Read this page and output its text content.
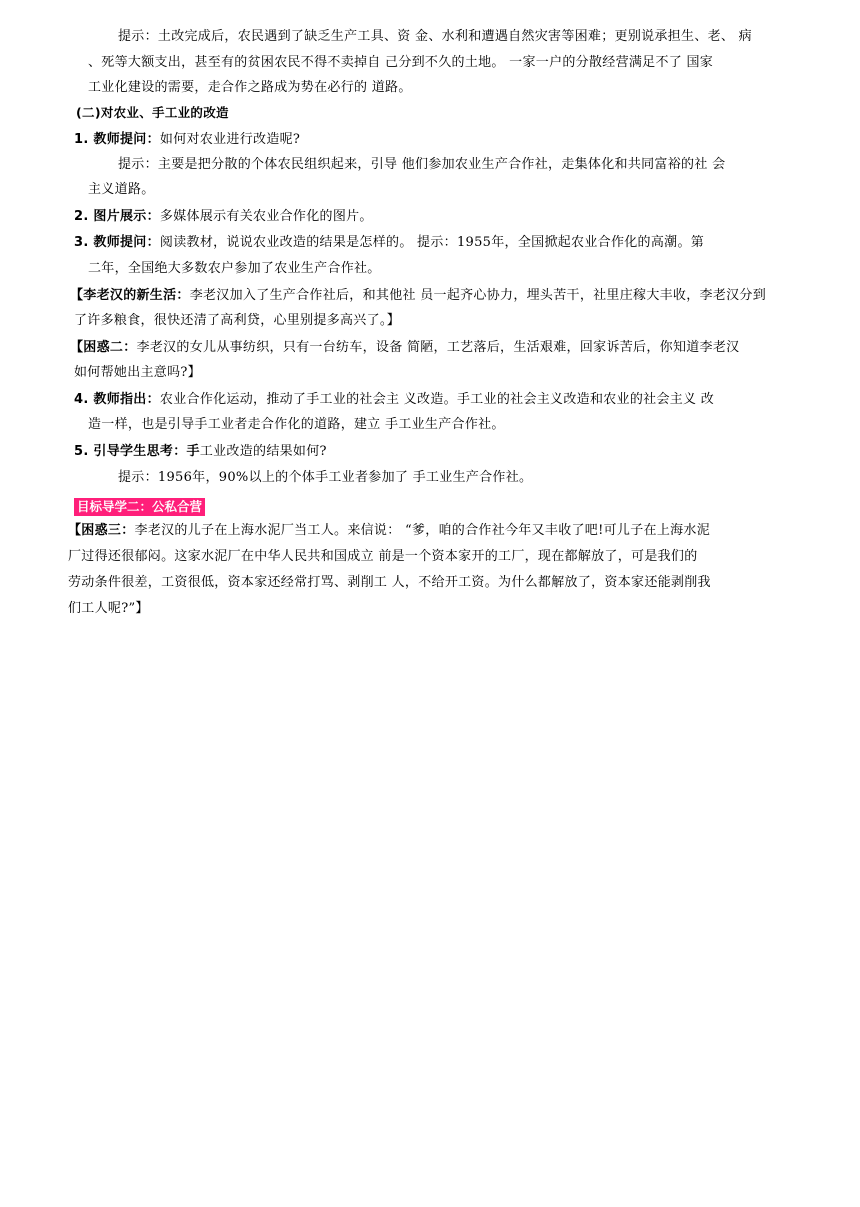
提示：土改完成后，农民遇到了缺乏生产工具、资 金、水利和遭遇自然灾害等困难；更别说承担生、老、 病
、死等大额支出，甚至有的贫困农民不得不卖掉自 己分到不久的土地。 一家一户的分散经营满足不了 国家
工业化建设的需要，走合作之路成为势在必行的 道路。
(二)对农业、手工业的改造
1. 教师提问：如何对农业进行改造呢?
提示：主要是把分散的个体农民组织起来，引导 他们参加农业生产合作社，走集体化和共同富裕的社 会
主义道路。
2. 图片展示：多媒体展示有关农业合作化的图片。
3. 教师提问：阅读教材，说说农业改造的结果是怎样的。 提示：1955年，全国掀起农业合作化的高潮。第
二年，全国绝大多数农户参加了农业生产合作社。
【李老汉的新生活：李老汉加入了生产合作社后，和其他社 员一起齐心协力，埋头苦干，社里庄稼大丰收，李老汉分到
了许多粮食，很快还清了高利贷，心里别提多高兴了。】
【困惑二：李老汉的女儿从事纺织，只有一台纺车，设备 简陋，工艺落后，生活艰难，回家诉苦后，你知道李老汉
如何帮她出主意吗?】
4. 教师指出：农业合作化运动，推动了手工业的社会主 义改造。手工业的社会主义改造和农业的社会主义 改
造一样，也是引导手工业者走合作化的道路，建立 手工业生产合作社。
5. 引导学生思考：手工业改造的结果如何?
提示：1956年，90%以上的个体手工业者参加了 手工业生产合作社。
目标导学二：公私合营
【困惑三：李老汉的儿子在上海水泥厂当工人。来信说： “爹，咱的合作社今年又丰收了吧!可儿子在上海水泥
厂过得还很郁闷。这家水泥厂在中华人民共和国成立 前是一个资本家开的工厂，现在都解放了，可是我们的
劳动条件很差，工资很低，资本家还经常打骂、剥削工 人，不给开工资。为什么都解放了，资本家还能剥削我
们工人呢?”】
